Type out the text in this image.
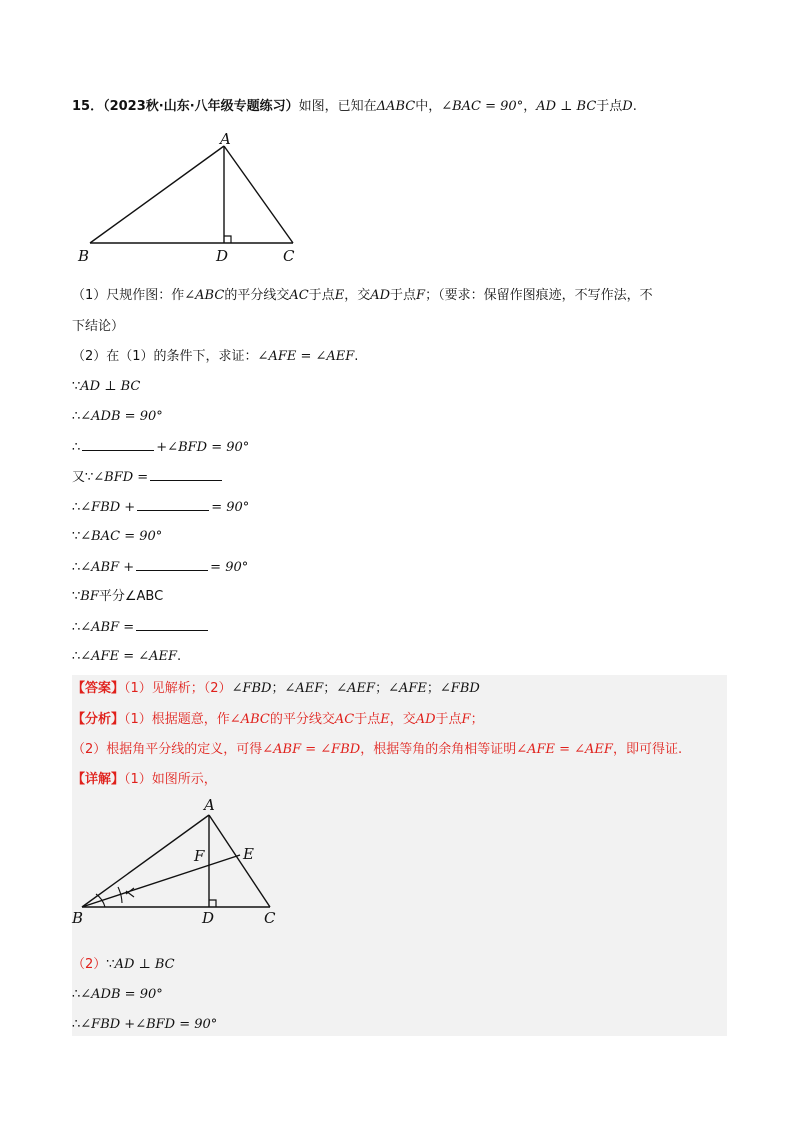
15．（2023秋·山东·八年级专题练习）如图，已知在ΔABC中，∠BAC = 90°，AD ⊥ BC于点D.
A
B	D	C
（1）尺规作图：作∠ABC的平分线交AC于点E，交AD于点F；（要求：保留作图痕迹，不写作法，不
下结论）
（2）在（1）的条件下，求证：∠AFE = ∠AEF.
∵AD ⊥ BC
∴∠ADB = 90°
∴	+∠BFD = 90°
又∵∠BFD =
∴∠FBD +	= 90°
∵∠BAC = 90°
∴∠ABF +	= 90°
∵BF平分∠ABC
∴∠ABF =
∴∠AFE = ∠AEF.
【答案】（1）见解析；（2）∠FBD；∠AEF；∠AEF；∠AFE；∠FBD
【分析】（1）根据题意，作∠ABC的平分线交AC于点E，交AD于点F；
（2）根据角平分线的定义，可得∠ABF = ∠FBD，根据等角的余角相等证明∠AFE = ∠AEF，即可得证.
【详解】（1）如图所示，
A
F	E
B	D	C
（2）∵AD ⊥ BC
∴∠ADB = 90°
∴∠FBD +∠BFD = 90°
